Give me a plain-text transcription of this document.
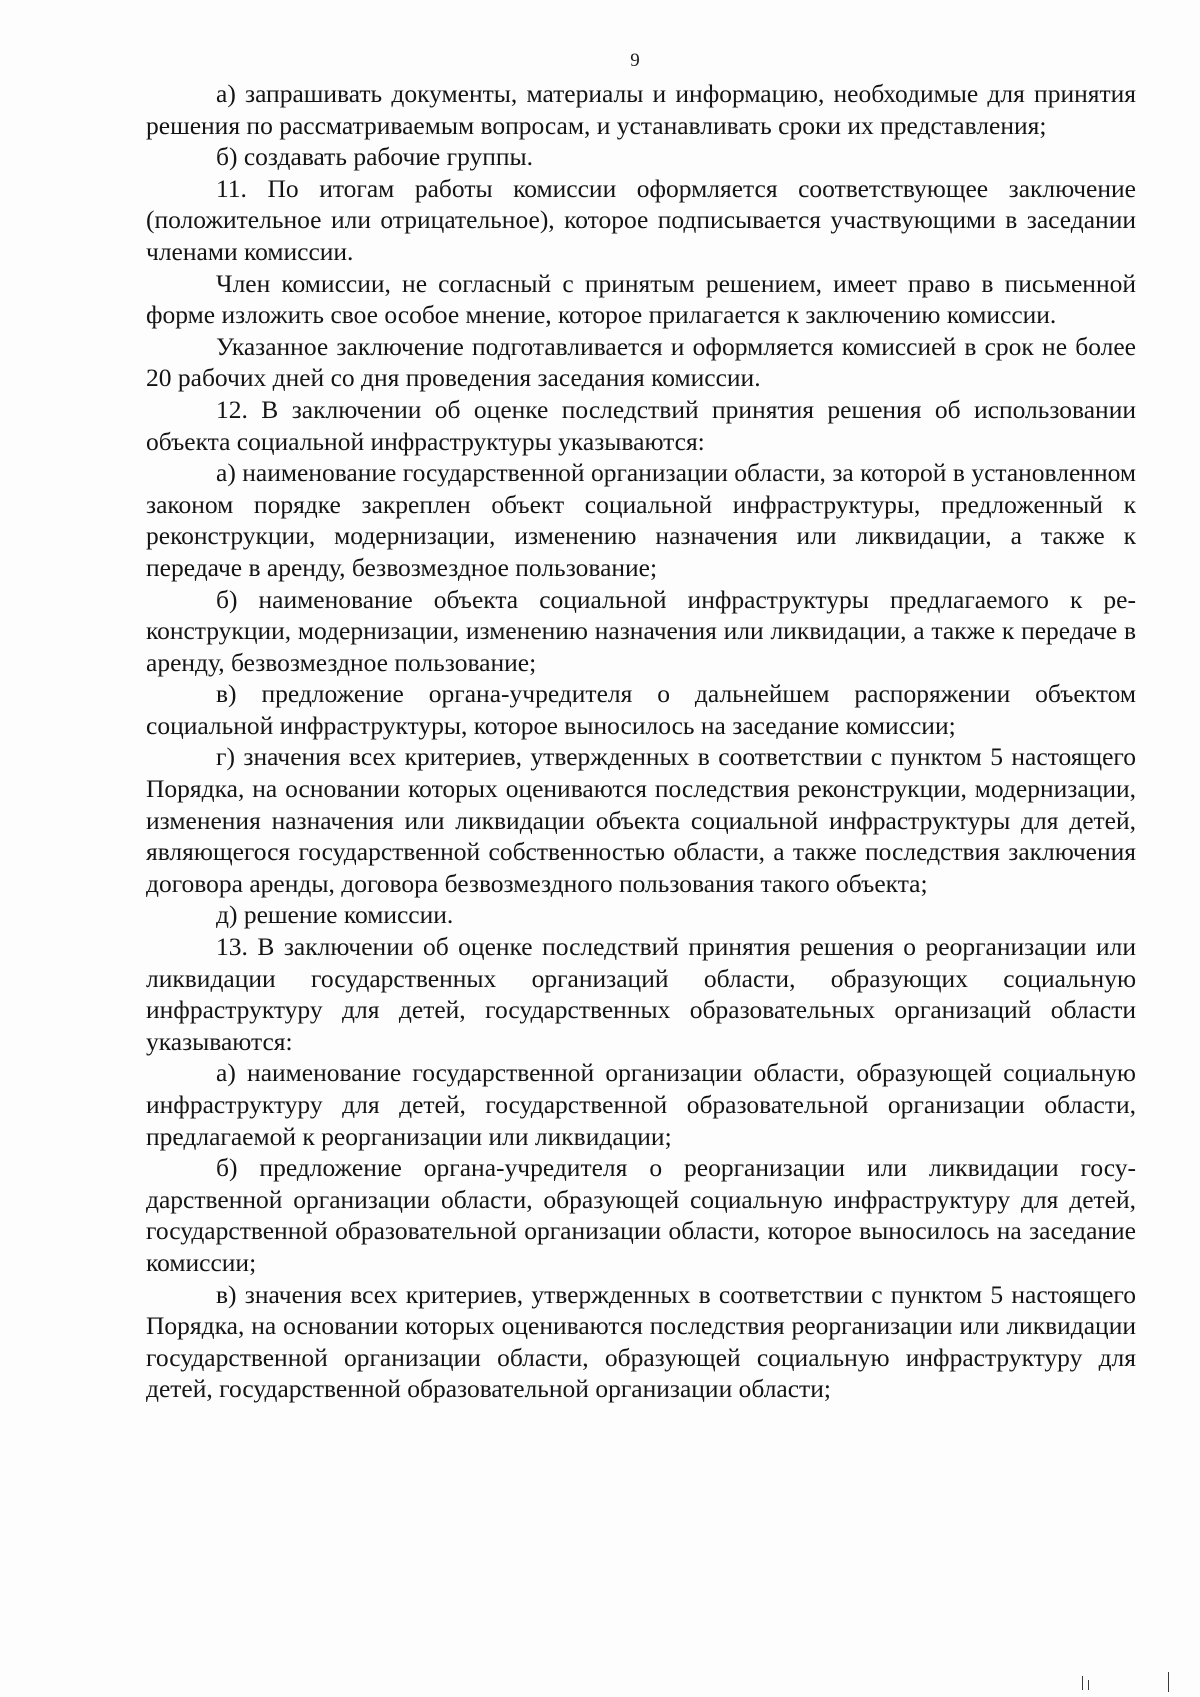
9

а) запрашивать документы, материалы и информацию, необходимые для принятия решения по рассматриваемым вопросам, и устанавливать сроки их представления;

б) создавать рабочие группы.

11. По итогам работы комиссии оформляется соответствующее заключение (положительное или отрицательное), которое подписывается участвующими в заседании членами комиссии.

Член комиссии, не согласный с принятым решением, имеет право в письменной форме изложить свое особое мнение, которое прилагается к заключению комиссии.

Указанное заключение подготавливается и оформляется комиссией в срок не более 20 рабочих дней со дня проведения заседания комиссии.

12. В заключении об оценке последствий принятия решения об использовании объекта социальной инфраструктуры указываются:

а) наименование государственной организации области, за которой в установленном законом порядке закреплен объект социальной инфраструктуры, предложенный к реконструкции, модернизации, изменению назначения или ликвидации, а также к передаче в аренду, безвозмездное пользование;

б) наименование объекта социальной инфраструктуры предлагаемого к реконструкции, модернизации, изменению назначения или ликвидации, а также к передаче в аренду, безвозмездное пользование;

в) предложение органа-учредителя о дальнейшем распоряжении объектом социальной инфраструктуры, которое выносилось на заседание комиссии;

г) значения всех критериев, утвержденных в соответствии с пунктом 5 настоящего Порядка, на основании которых оцениваются последствия реконструкции, модернизации, изменения назначения или ликвидации объекта социальной инфраструктуры для детей, являющегося государственной собственностью области, а также последствия заключения договора аренды, договора безвозмездного пользования такого объекта;

д) решение комиссии.

13. В заключении об оценке последствий принятия решения о реорганизации или ликвидации государственных организаций области, образующих социальную инфраструктуру для детей, государственных образовательных организаций области указываются:

а) наименование государственной организации области, образующей социальную инфраструктуру для детей, государственной образовательной организации области, предлагаемой к реорганизации или ликвидации;

б) предложение органа-учредителя о реорганизации или ликвидации государственной организации области, образующей социальную инфраструктуру для детей, государственной образовательной организации области, которое выносилось на заседание комиссии;

в) значения всех критериев, утвержденных в соответствии с пунктом 5 настоящего Порядка, на основании которых оцениваются последствия реорганизации или ликвидации государственной организации области, образующей социальную инфраструктуру для детей, государственной образовательной организации области;
